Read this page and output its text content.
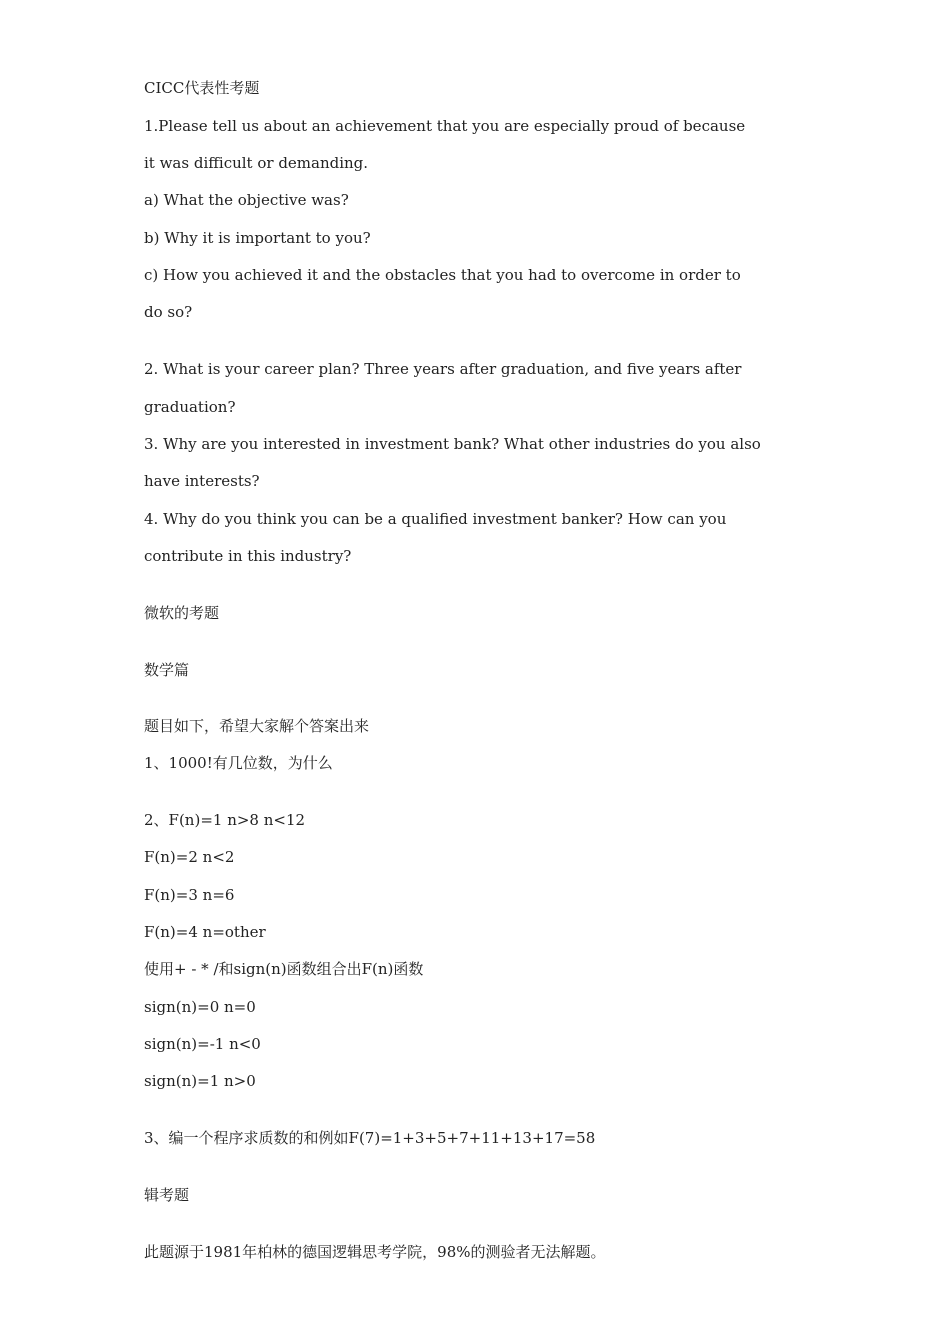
CICC代表性考题

1.Please tell us about an achievement that you are especially proud of because

it was difficult or demanding.

a) What the objective was?

b) Why it is important to you?

c) How you achieved it and the obstacles that you had to overcome in order to

do so?

2. What is your career plan? Three years after graduation, and five years after

graduation?

3. Why are you interested in investment bank? What other industries do you also

have interests?

4. Why do you think you can be a qualified investment banker? How can you

contribute in this industry?

微软的考题

数学篇

题目如下，希望大家解个答案出来

1、1000!有几位数，为什么

2、F(n)=1 n>8 n<12

F(n)=2 n<2

F(n)=3 n=6

F(n)=4 n=other

使用+ - * /和sign(n)函数组合出F(n)函数

sign(n)=0 n=0

sign(n)=-1 n<0

sign(n)=1 n>0

3、编一个程序求质数的和例如F(7)=1+3+5+7+11+13+17=58

辑考题

此题源于1981年柏林的德国逻辑思考学院，98%的测验者无法解题。
